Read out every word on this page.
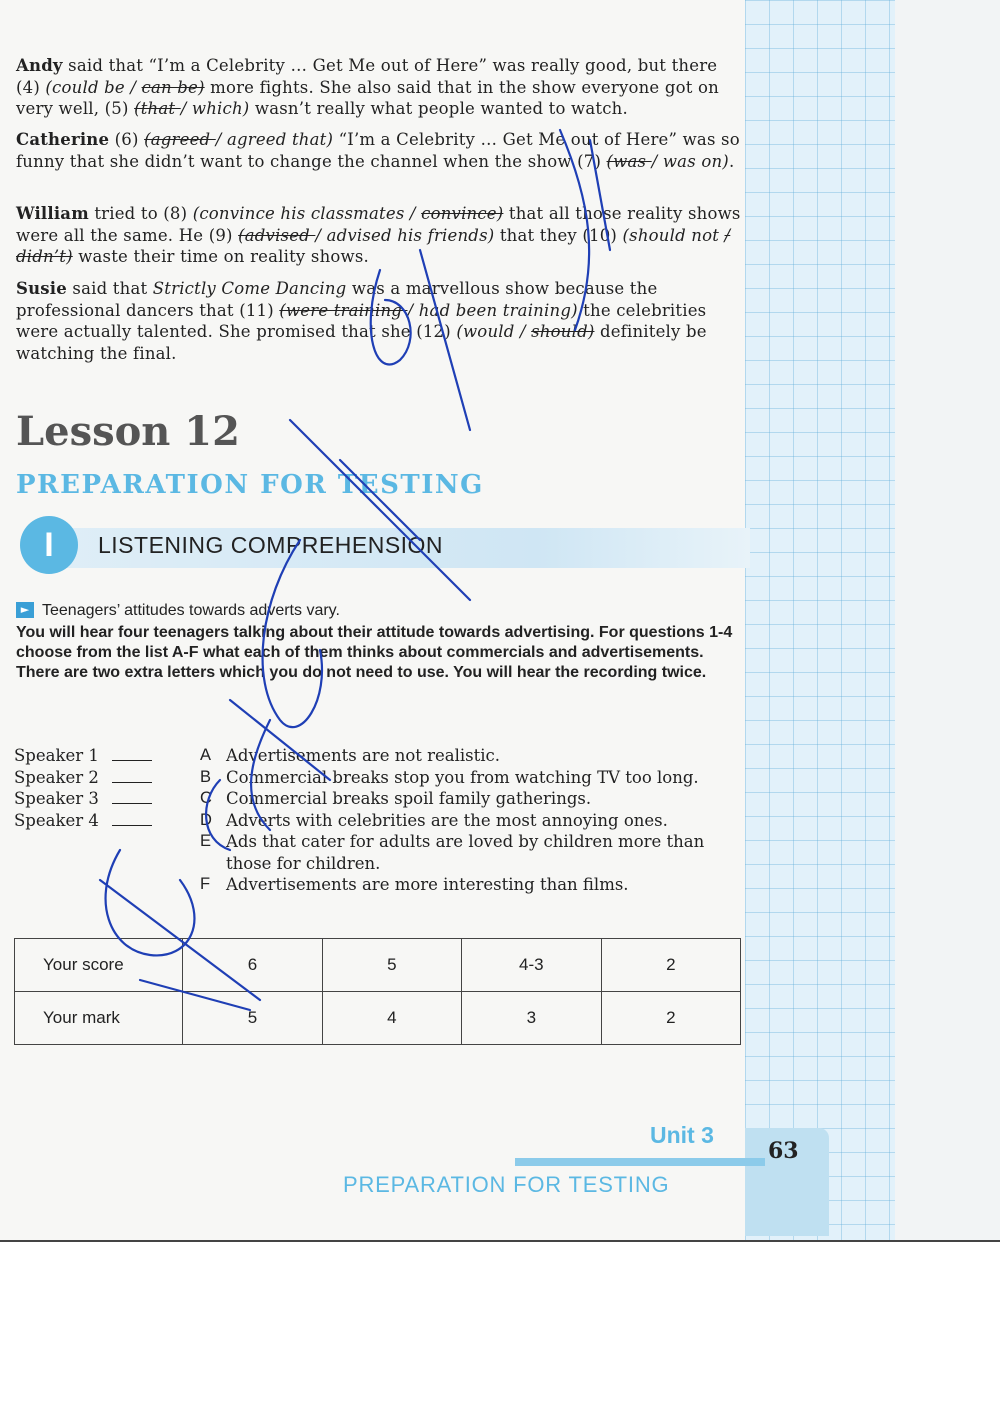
Andy said that “I’m a Celebrity … Get Me out of Here” was really good, but there (4) (could be / can be) more fights. She also said that in the show everyone got on very well, (5) (that / which) wasn’t really what people wanted to watch.
Catherine (6) (agreed / agreed that) “I’m a Celebrity … Get Me out of Here” was so funny that she didn’t want to change the channel when the show (7) (was / was on).
William tried to (8) (convince his classmates / convince) that all those reality shows were all the same. He (9) (advised / advised his friends) that they (10) (should not / didn’t) waste their time on reality shows.
Susie said that Strictly Come Dancing was a marvellous show because the professional dancers that (11) (were training / had been training) the celebrities were actually talented. She promised that she (12) (would / should) definitely be watching the final.
Lesson 12
PREPARATION FOR TESTING
I	LISTENING COMPREHENSION
► Teenagers’ attitudes towards adverts vary.
You will hear four teenagers talking about their attitude towards advertising. For questions 1-4 choose from the list A-F what each of them thinks about commercials and advertisements. There are two extra letters which you do not need to use. You will hear the recording twice.
Speaker 1
Speaker 2
Speaker 3
Speaker 4
A Advertisements are not realistic.
B Commercial breaks stop you from watching TV too long.
C Commercial breaks spoil family gatherings.
D Adverts with celebrities are the most annoying ones.
E Ads that cater for adults are loved by children more than those for children.
F Advertisements are more interesting than films.
Your score	6	5	4-3	2
Your mark	5	4	3	2
Unit 3
63
PREPARATION FOR TESTING
